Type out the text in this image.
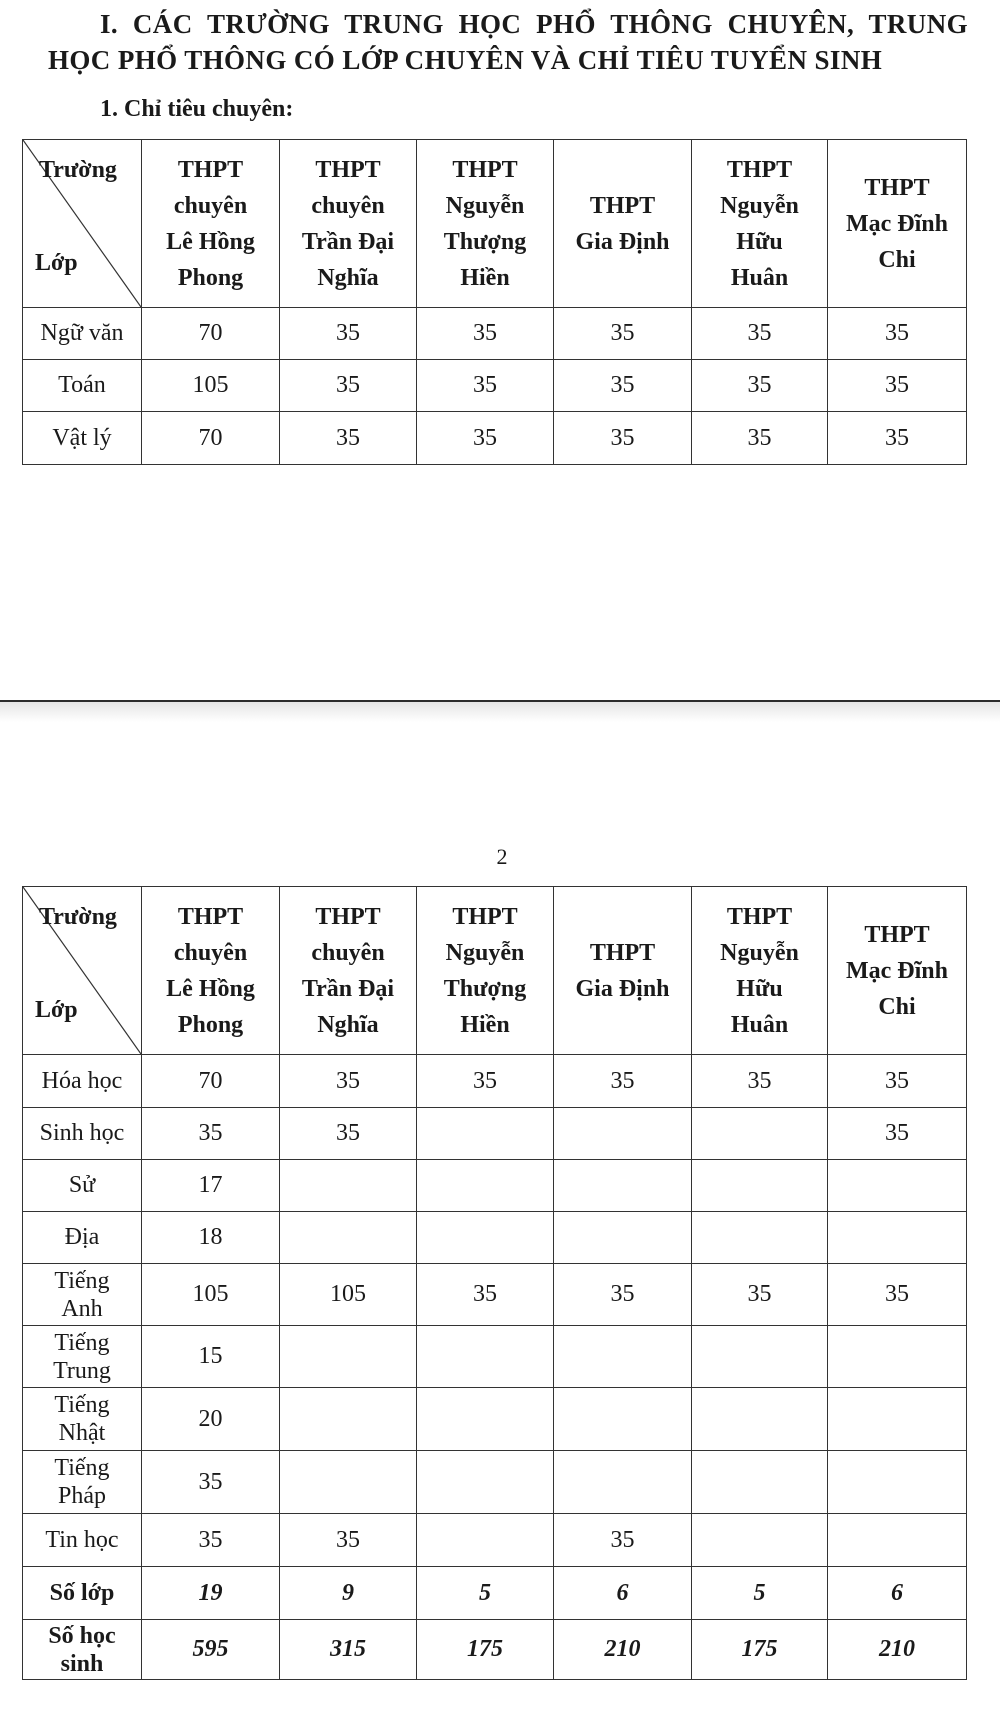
I. CÁC TRƯỜNG TRUNG HỌC PHỔ THÔNG CHUYÊN, TRUNG HỌC PHỔ THÔNG CÓ LỚP CHUYÊN VÀ CHỈ TIÊU TUYỂN SINH
1. Chỉ tiêu chuyên:
Trường
Lớp	THPT
chuyên
Lê Hồng
Phong	THPT
chuyên
Trần Đại
Nghĩa	THPT
Nguyễn
Thượng
Hiền	THPT
Gia Định	THPT
Nguyễn
Hữu
Huân	THPT
Mạc Đĩnh
Chi
Ngữ văn	70	35	35	35	35	35
Toán	105	35	35	35	35	35
Vật lý	70	35	35	35	35	35
2
Trường
Lớp	THPT
chuyên
Lê Hồng
Phong	THPT
chuyên
Trần Đại
Nghĩa	THPT
Nguyễn
Thượng
Hiền	THPT
Gia Định	THPT
Nguyễn
Hữu
Huân	THPT
Mạc Đĩnh
Chi
Hóa học	70	35	35	35	35	35
Sinh học	35	35				35
Sử	17					
Địa	18					
Tiếng
Anh	105	105	35	35	35	35
Tiếng
Trung	15					
Tiếng
Nhật	20					
Tiếng
Pháp	35					
Tin học	35	35		35		
Số lớp	19	9	5	6	5	6
Số học
sinh	595	315	175	210	175	210
